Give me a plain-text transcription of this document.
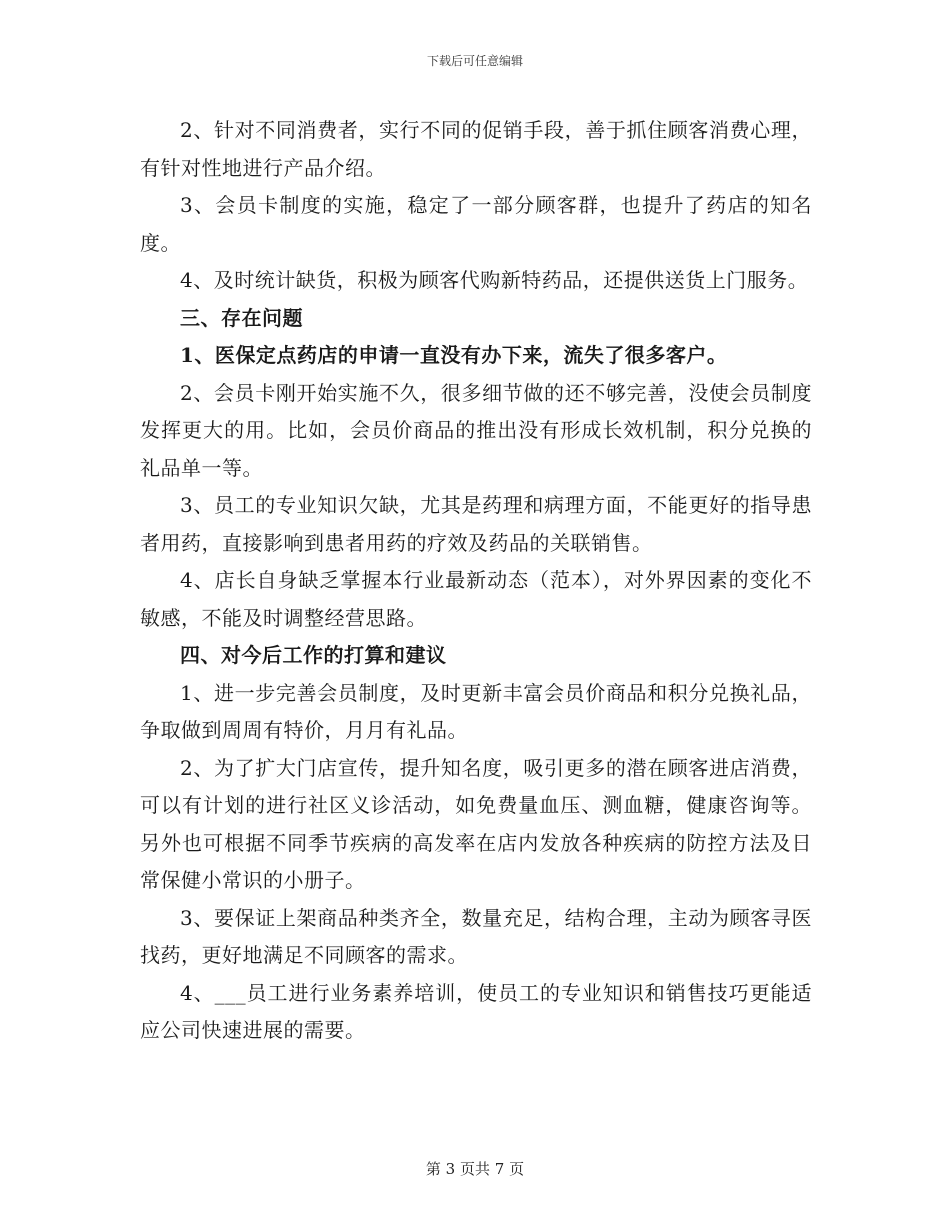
下载后可任意编辑

2、针对不同消费者，实行不同的促销手段，善于抓住顾客消费心理，有针对性地进行产品介绍。

3、会员卡制度的实施，稳定了一部分顾客群，也提升了药店的知名度。

4、及时统计缺货，积极为顾客代购新特药品，还提供送货上门服务。

三、存在问题

1、医保定点药店的申请一直没有办下来，流失了很多客户。

2、会员卡刚开始实施不久，很多细节做的还不够完善，没使会员制度发挥更大的用。比如，会员价商品的推出没有形成长效机制，积分兑换的礼品单一等。

3、员工的专业知识欠缺，尤其是药理和病理方面，不能更好的指导患者用药，直接影响到患者用药的疗效及药品的关联销售。

4、店长自身缺乏掌握本行业最新动态（范本），对外界因素的变化不敏感，不能及时调整经营思路。

四、对今后工作的打算和建议

1、进一步完善会员制度，及时更新丰富会员价商品和积分兑换礼品，争取做到周周有特价，月月有礼品。

2、为了扩大门店宣传，提升知名度，吸引更多的潜在顾客进店消费，可以有计划的进行社区义诊活动，如免费量血压、测血糖，健康咨询等。另外也可根据不同季节疾病的高发率在店内发放各种疾病的防控方法及日常保健小常识的小册子。

3、要保证上架商品种类齐全，数量充足，结构合理，主动为顾客寻医找药，更好地满足不同顾客的需求。

4、___员工进行业务素养培训，使员工的专业知识和销售技巧更能适应公司快速进展的需要。

第 3 页共 7 页
